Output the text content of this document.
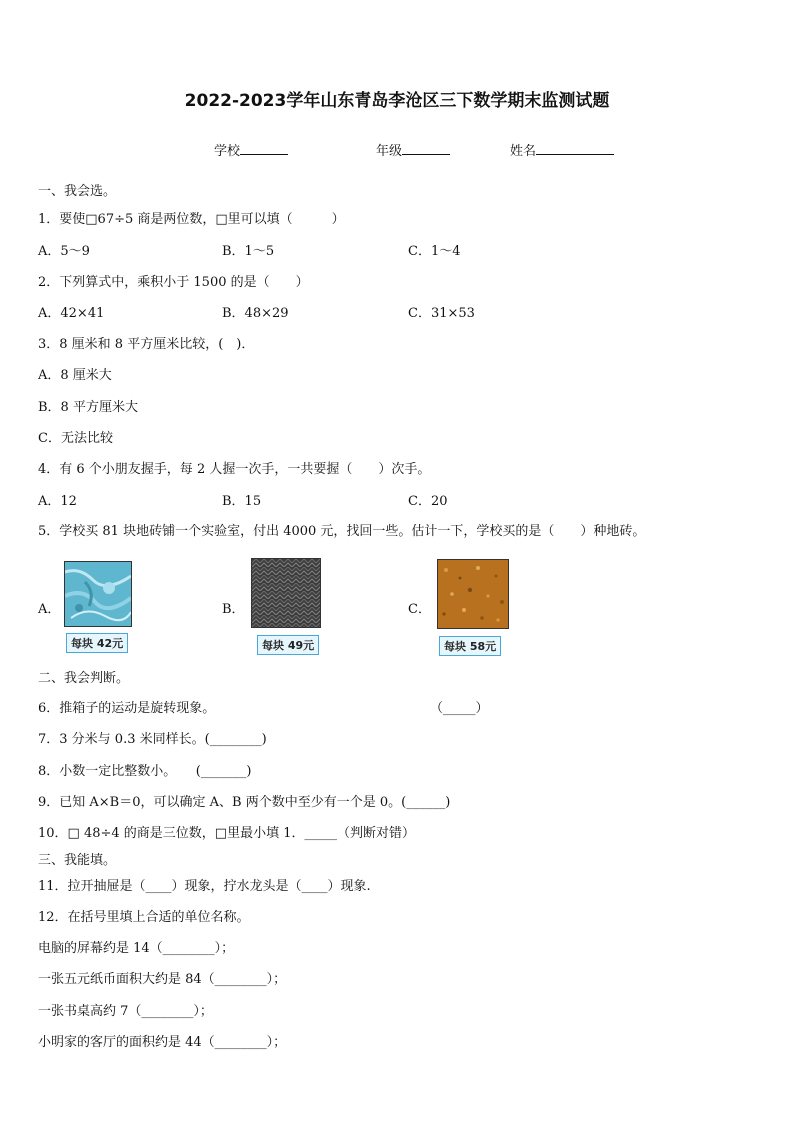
2022-2023学年山东青岛李沧区三下数学期末监测试题
学校	年级	姓名
一、我会选。
1．要使□67÷5 商是两位数，□里可以填（　　　）
A．5～9	B．1～5	C．1～4
2．下列算式中，乘积小于 1500 的是（　　）
A．42×41	B．48×29	C．31×53
3．8 厘米和 8 平方厘米比较，(　)．
A．8 厘米大
B．8 平方厘米大
C．无法比较
4．有 6 个小朋友握手，每 2 人握一次手，一共要握（　　）次手。
A．12	B．15	C．20
5．学校买 81 块地砖铺一个实验室，付出 4000 元，找回一些。估计一下，学校买的是（　　）种地砖。
A．
每块 42元
B．
每块 49元
C．
每块 58元
二、我会判断。
6．推箱子的运动是旋转现象。	（_____）
7．3 分米与 0.3 米同样长。(________)
8．小数一定比整数小。　　(_______)
9．已知 A×B＝0，可以确定 A、B 两个数中至少有一个是 0。(______)
10．□ 48÷4 的商是三位数，□里最小填 1．_____（判断对错）
三、我能填。
11．拉开抽屉是（____）现象，拧水龙头是（____）现象.
12．在括号里填上合适的单位名称。
电脑的屏幕约是 14（________）；
一张五元纸币面积大约是 84（________）；
一张书桌高约 7（________）；
小明家的客厅的面积约是 44（________）；
